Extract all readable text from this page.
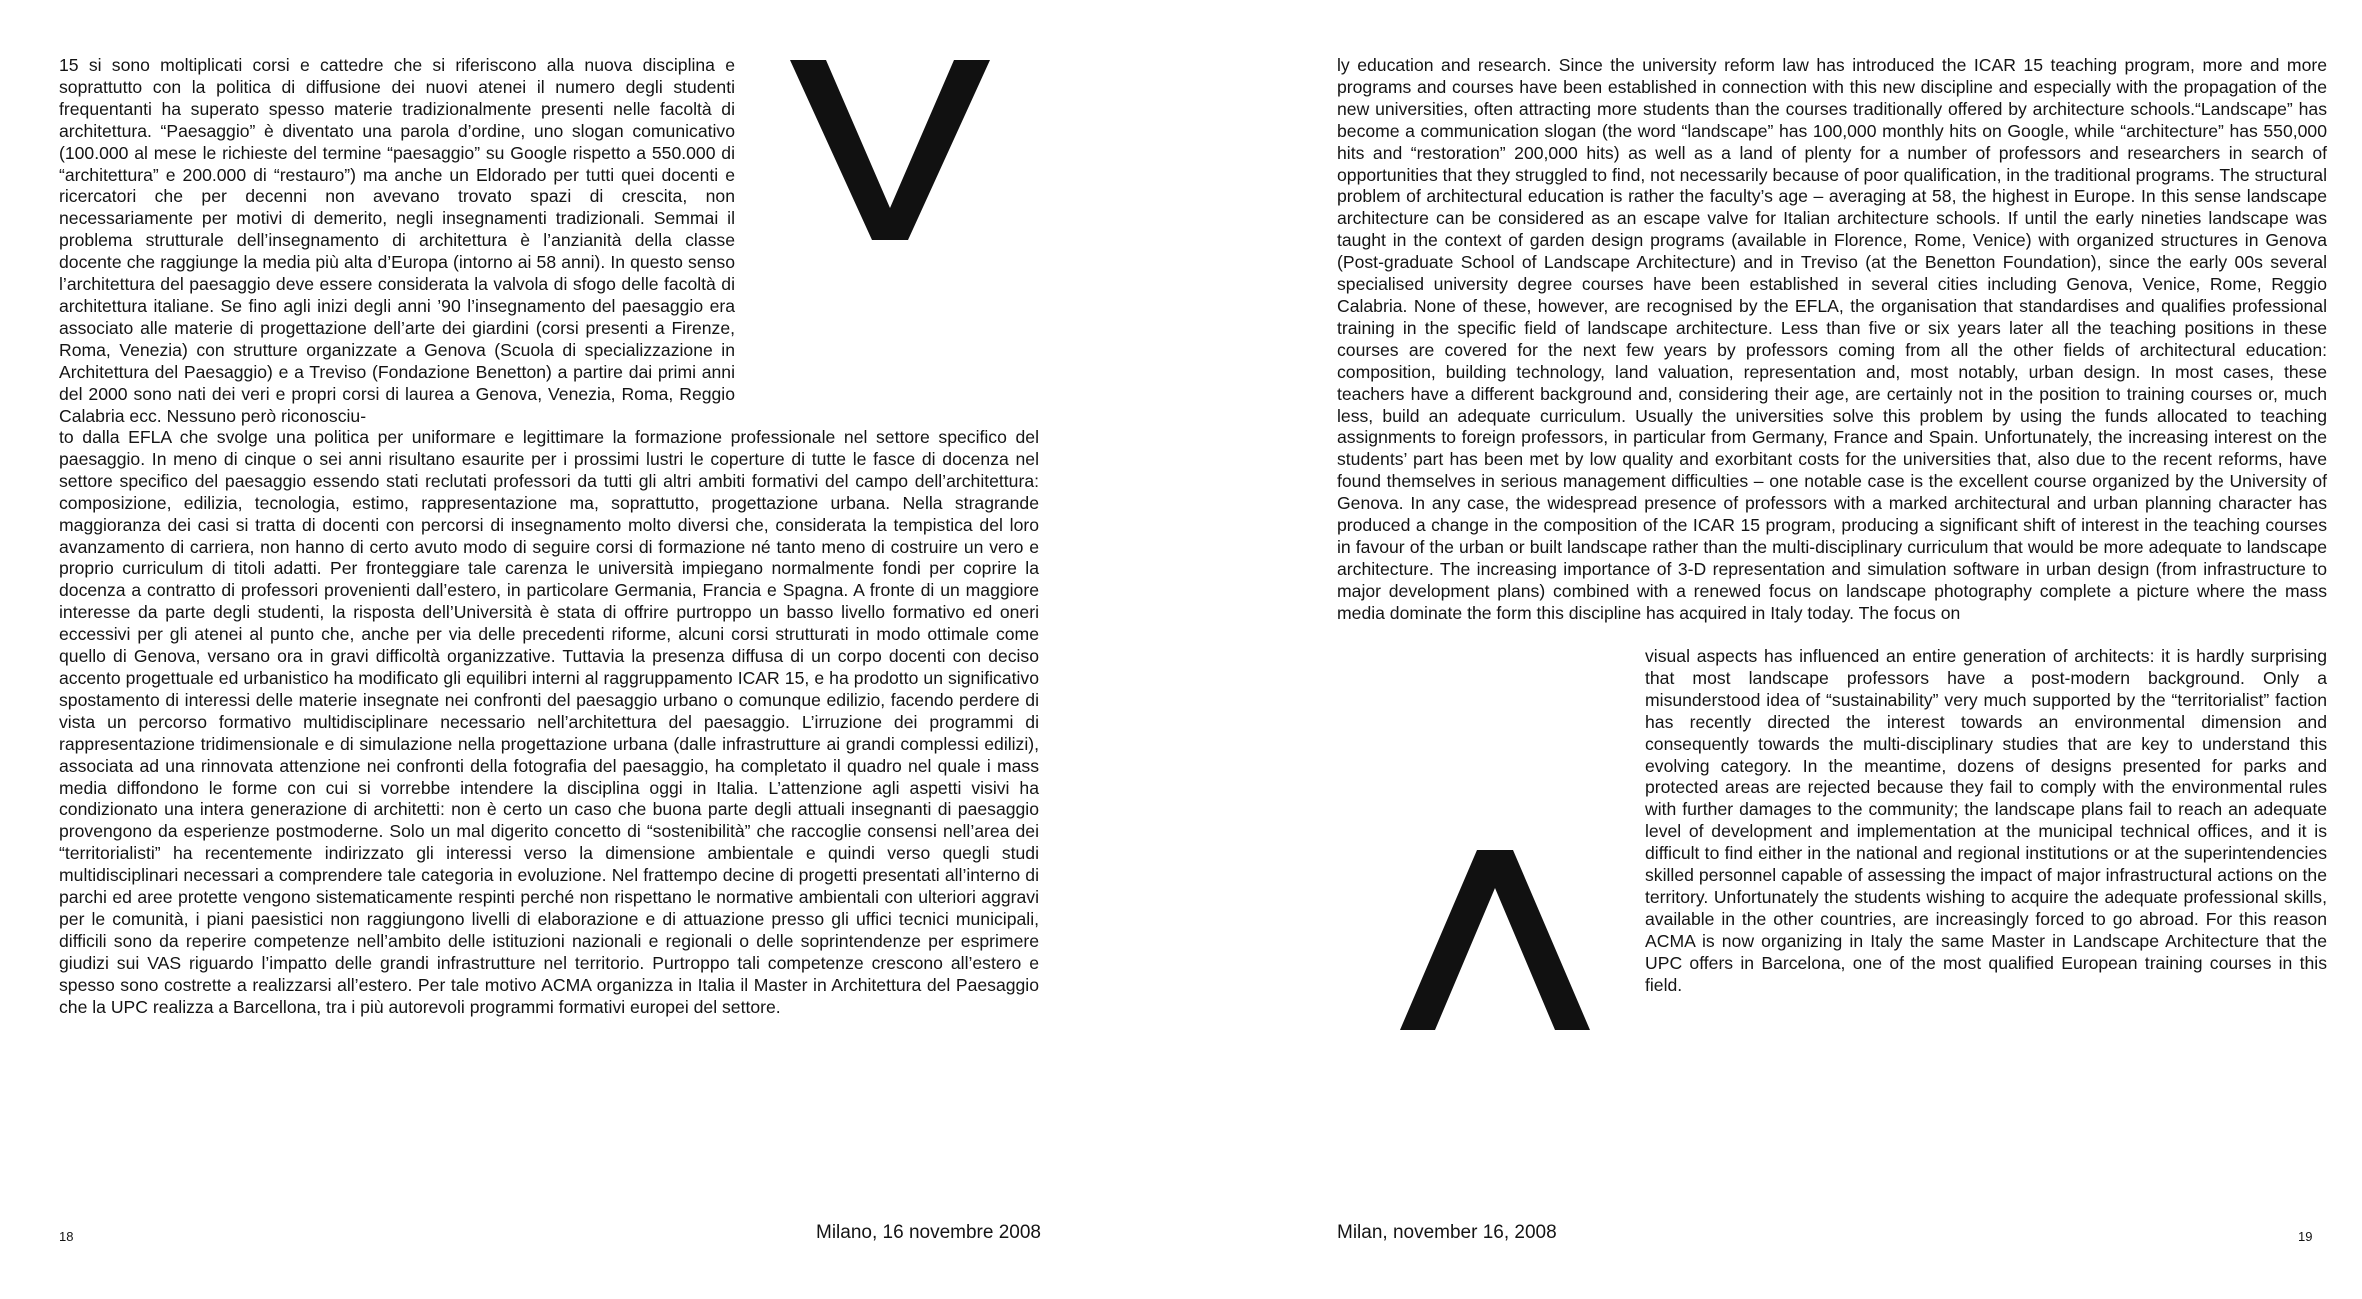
15 si sono moltiplicati corsi e cattedre che si riferiscono alla nuova disciplina e soprattutto con la politica di diffusione dei nuovi atenei il numero degli studenti frequentanti ha superato spesso materie tradizionalmente presenti nelle facoltà di architettura. “Paesaggio” è diventato una parola d’ordine, uno slogan comunicativo (100.000 al mese le richieste del termine “paesaggio” su Google rispetto a 550.000 di “architettura” e 200.000 di “restauro”) ma anche un Eldorado per tutti quei docenti e ricercatori che per decenni non avevano trovato spazi di crescita, non necessariamente per motivi di demerito, negli insegnamenti tradizionali. Semmai il problema strutturale dell’insegnamento di architettura è l’anzianità della classe docente che raggiunge la media più alta d’Europa (intorno ai 58 anni). In questo senso l’architettura del paesaggio deve essere considerata la valvola di sfogo delle facoltà di architettura italiane. Se fino agli inizi degli anni ’90 l’insegnamento del paesaggio era associato alle materie di progettazione dell’arte dei giardini (corsi presenti a Firenze, Roma, Venezia) con strutture organizzate a Genova (Scuola di specializzazione in Architettura del Paesaggio) e a Treviso (Fondazione Benetton) a partire dai primi anni del 2000 sono nati dei veri e propri corsi di laurea a Genova, Venezia, Roma, Reggio Calabria ecc. Nessuno però riconosciu-

to dalla EFLA che svolge una politica per uniformare e legittimare la formazione professionale nel settore specifico del paesaggio. In meno di cinque o sei anni risultano esaurite per i prossimi lustri le coperture di tutte le fasce di docenza nel settore specifico del paesaggio essendo stati reclutati professori da tutti gli altri ambiti formativi del campo dell’architettura: composizione, edilizia, tecnologia, estimo, rappresentazione ma, soprattutto, progettazione urbana. Nella stragrande maggioranza dei casi si tratta di docenti con percorsi di insegnamento molto diversi che, considerata la tempistica del loro avanzamento di carriera, non hanno di certo avuto modo di seguire corsi di formazione né tanto meno di costruire un vero e proprio curriculum di titoli adatti. Per fronteggiare tale carenza le università impiegano normalmente fondi per coprire la docenza a contratto di professori provenienti dall’estero, in particolare Germania, Francia e Spagna. A fronte di un maggiore interesse da parte degli studenti, la risposta dell’Università è stata di offrire purtroppo un basso livello formativo ed oneri eccessivi per gli atenei al punto che, anche per via delle precedenti riforme, alcuni corsi strutturati in modo ottimale come quello di Genova, versano ora in gravi difficoltà organizzative. Tuttavia la presenza diffusa di un corpo docenti con deciso accento progettuale ed urbanistico ha modificato gli equilibri interni al raggruppamento ICAR 15, e ha prodotto un significativo spostamento di interessi delle materie insegnate nei confronti del paesaggio urbano o comunque edilizio, facendo perdere di vista un percorso formativo multidisciplinare necessario nell’architettura del paesaggio. L’irruzione dei programmi di rappresentazione tridimensionale e di simulazione nella progettazione urbana (dalle infrastrutture ai grandi complessi edilizi), associata ad una rinnovata attenzione nei confronti della fotografia del paesaggio, ha completato il quadro nel quale i mass media diffondono le forme con cui si vorrebbe intendere la disciplina oggi in Italia. L’attenzione agli aspetti visivi ha condizionato una intera generazione di architetti: non è certo un caso che buona parte degli attuali insegnanti di paesaggio provengono da esperienze postmoderne. Solo un mal digerito concetto di “sostenibilità” che raccoglie consensi nell’area dei “territorialisti” ha recentemente indirizzato gli interessi verso la dimensione ambientale e quindi verso quegli studi multidisciplinari necessari a comprendere tale categoria in evoluzione. Nel frattempo decine di progetti presentati all’interno di parchi ed aree protette vengono sistematicamente respinti perché non rispettano le normative ambientali con ulteriori aggravi per le comunità, i piani paesistici non raggiungono livelli di elaborazione e di attuazione presso gli uffici tecnici municipali, difficili sono da reperire competenze nell’ambito delle istituzioni nazionali e regionali o delle soprintendenze per esprimere giudizi sui VAS riguardo l’impatto delle grandi infrastrutture nel territorio. Purtroppo tali competenze crescono all’estero e spesso sono costrette a realizzarsi all’estero. Per tale motivo ACMA organizza in Italia il Master in Architettura del Paesaggio che la UPC realizza a Barcellona, tra i più autorevoli programmi formativi europei del settore.

18	Milano, 16 novembre 2008

ly education and research. Since the university reform law has introduced the ICAR 15 teaching program, more and more programs and courses have been established in connection with this new discipline and especially with the propagation of the new universities, often attracting more students than the courses traditionally offered by architecture schools.“Landscape” has become a communication slogan (the word “landscape” has 100,000 monthly hits on Google, while “architecture” has 550,000 hits and “restoration” 200,000 hits) as well as a land of plenty for a number of professors and researchers in search of opportunities that they struggled to find, not necessarily because of poor qualification, in the traditional programs. The structural problem of architectural education is rather the faculty’s age – averaging at 58, the highest in Europe. In this sense landscape architecture can be considered as an escape valve for Italian architecture schools. If until the early nineties landscape was taught in the context of garden design programs (available in Florence, Rome, Venice) with organized structures in Genova (Post-graduate School of Landscape Architecture) and in Treviso (at the Benetton Foundation), since the early 00s several specialised university degree courses have been established in several cities including Genova, Venice, Rome, Reggio Calabria. None of these, however, are recognised by the EFLA, the organisation that standardises and qualifies professional training in the specific field of landscape architecture. Less than five or six years later all the teaching positions in these courses are covered for the next few years by professors coming from all the other fields of architectural education: composition, building technology, land valuation, representation and, most notably, urban design. In most cases, these teachers have a different background and, considering their age, are certainly not in the position to training courses or, much less, build an adequate curriculum. Usually the universities solve this problem by using the funds allocated to teaching assignments to foreign professors, in particular from Germany, France and Spain. Unfortunately, the increasing interest on the students’ part has been met by low quality and exorbitant costs for the universities that, also due to the recent reforms, have found themselves in serious management difficulties – one notable case is the excellent course organized by the University of Genova. In any case, the widespread presence of professors with a marked architectural and urban planning character has produced a change in the composition of the ICAR 15 program, producing a significant shift of interest in the teaching courses in favour of the urban or built landscape rather than the multi-disciplinary curriculum that would be more adequate to landscape architecture. The increasing importance of 3-D representation and simulation software in urban design (from infrastructure to major development plans) combined with a renewed focus on landscape photography complete a picture where the mass media dominate the form this discipline has acquired in Italy today. The focus on

visual aspects has influenced an entire generation of architects: it is hardly surprising that most landscape professors have a post-modern background. Only a misunderstood idea of “sustainability” very much supported by the “territorialist” faction has recently directed the interest towards an environmental dimension and consequently towards the multi-disciplinary studies that are key to understand this evolving category. In the meantime, dozens of designs presented for parks and protected areas are rejected because they fail to comply with the environmental rules with further damages to the community; the landscape plans fail to reach an adequate level of development and implementation at the municipal technical offices, and it is difficult to find either in the national and regional institutions or at the superintendencies skilled personnel capable of assessing the impact of major infrastructural actions on the territory. Unfortunately the students wishing to acquire the adequate professional skills, available in the other countries, are increasingly forced to go abroad. For this reason ACMA is now organizing in Italy the same Master in Landscape Architecture that the UPC offers in Barcelona, one of the most qualified European training courses in this field.

Milan, november 16, 2008	19
